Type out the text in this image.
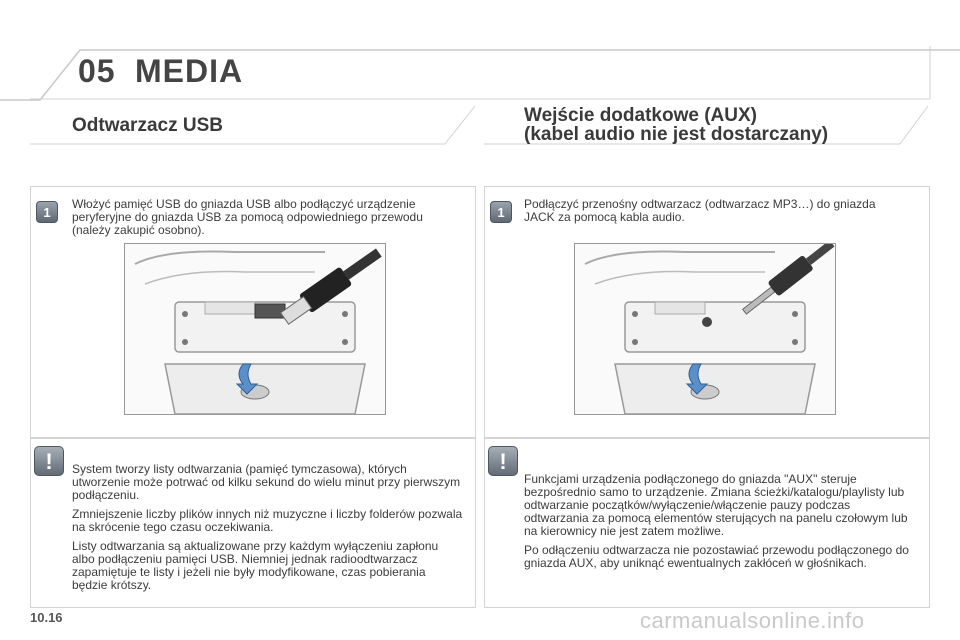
05 MEDIA
Odtwarzacz USB	Wejście dodatkowe (AUX)
(kabel audio nie jest dostarczany)
1
Włożyć pamięć USB do gniazda USB albo podłączyć urządzenie peryferyjne do gniazda USB za pomocą odpowiedniego przewodu (należy zakupić osobno).
1
Podłączyć przenośny odtwarzacz (odtwarzacz MP3…) do gniazda JACK za pomocą kabla audio.
!	System tworzy listy odtwarzania (pamięć tymczasowa), których utworzenie może potrwać od kilku sekund do wielu minut przy pierwszym podłączeniu.

Zmniejszenie liczby plików innych niż muzyczne i liczby folderów pozwala na skrócenie tego czasu oczekiwania.

Listy odtwarzania są aktualizowane przy każdym wyłączeniu zapłonu albo podłączeniu pamięci USB. Niemniej jednak radioodtwarzacz zapamiętuje te listy i jeżeli nie były modyfikowane, czas pobierania będzie krótszy.

!

Funkcjami urządzenia podłączonego do gniazda "AUX" steruje bezpośrednio samo to urządzenie. Zmiana ścieżki/katalogu/playlisty lub odtwarzanie początków/wyłączenie/włączenie pauzy podczas odtwarzania za pomocą elementów sterujących na panelu czołowym lub na kierownicy nie jest zatem możliwe.

Po odłączeniu odtwarzacza nie pozostawiać przewodu podłączonego do gniazda AUX, aby uniknąć ewentualnych zakłóceń w głośnikach.

10.16	carmanualsonline.info
